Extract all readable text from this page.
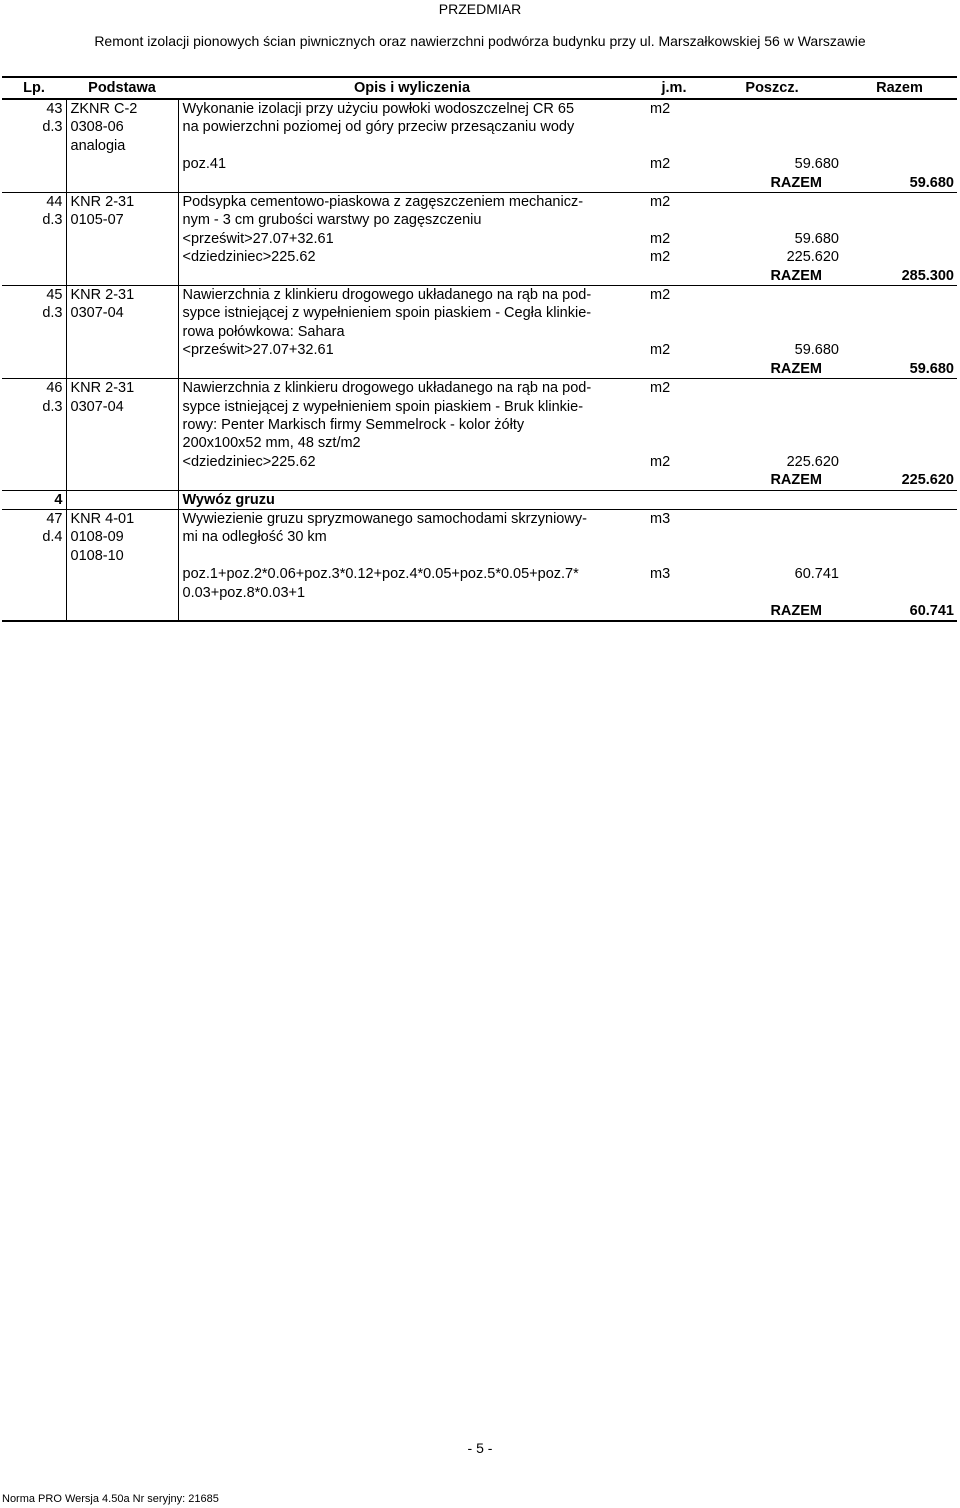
PRZEDMIAR
Remont izolacji pionowych ścian piwnicznych oraz nawierzchni podwórza budynku przy ul. Marszałkowskiej 56 w Warszawie
Lp.	Podstawa	Opis i wyliczenia	j.m.	Poszcz.	Razem
43	ZKNR C-2	Wykonanie izolacji przy użyciu powłoki wodoszczelnej CR 65	m2		
d.3	0308-06	na powierzchni poziomej od góry przeciw przesączaniu wody			
	analogia				
		poz.41	m2	59.680	
				RAZEM	59.680
44	KNR 2-31	Podsypka cementowo-piaskowa z zagęszczeniem mechanicz-	m2		
d.3	0105-07	nym - 3 cm grubości warstwy po zagęszczeniu			
		<prześwit>27.07+32.61	m2	59.680	
		<dziedziniec>225.62	m2	225.620	
				RAZEM	285.300
45	KNR 2-31	Nawierzchnia z klinkieru drogowego układanego na rąb na pod-	m2		
d.3	0307-04	sypce istniejącej z wypełnieniem spoin piaskiem - Cegła klinkie-			
		rowa połówkowa: Sahara			
		<prześwit>27.07+32.61	m2	59.680	
				RAZEM	59.680
46	KNR 2-31	Nawierzchnia z klinkieru drogowego układanego na rąb na pod-	m2		
d.3	0307-04	sypce istniejącej z wypełnieniem spoin piaskiem - Bruk klinkie-			
		rowy: Penter Markisch firmy Semmelrock - kolor żółty			
		200x100x52 mm, 48 szt/m2			
		<dziedziniec>225.62	m2	225.620	
				RAZEM	225.620
4		Wywóz gruzu			
47	KNR 4-01	Wywiezienie gruzu spryzmowanego samochodami skrzyniowy-	m3		
d.4	0108-09	mi na odległość 30 km			
	0108-10				
		poz.1+poz.2*0.06+poz.3*0.12+poz.4*0.05+poz.5*0.05+poz.7*	m3	60.741	
		0.03+poz.8*0.03+1			
				RAZEM	60.741
- 5 -
Norma PRO Wersja 4.50a Nr seryjny: 21685
